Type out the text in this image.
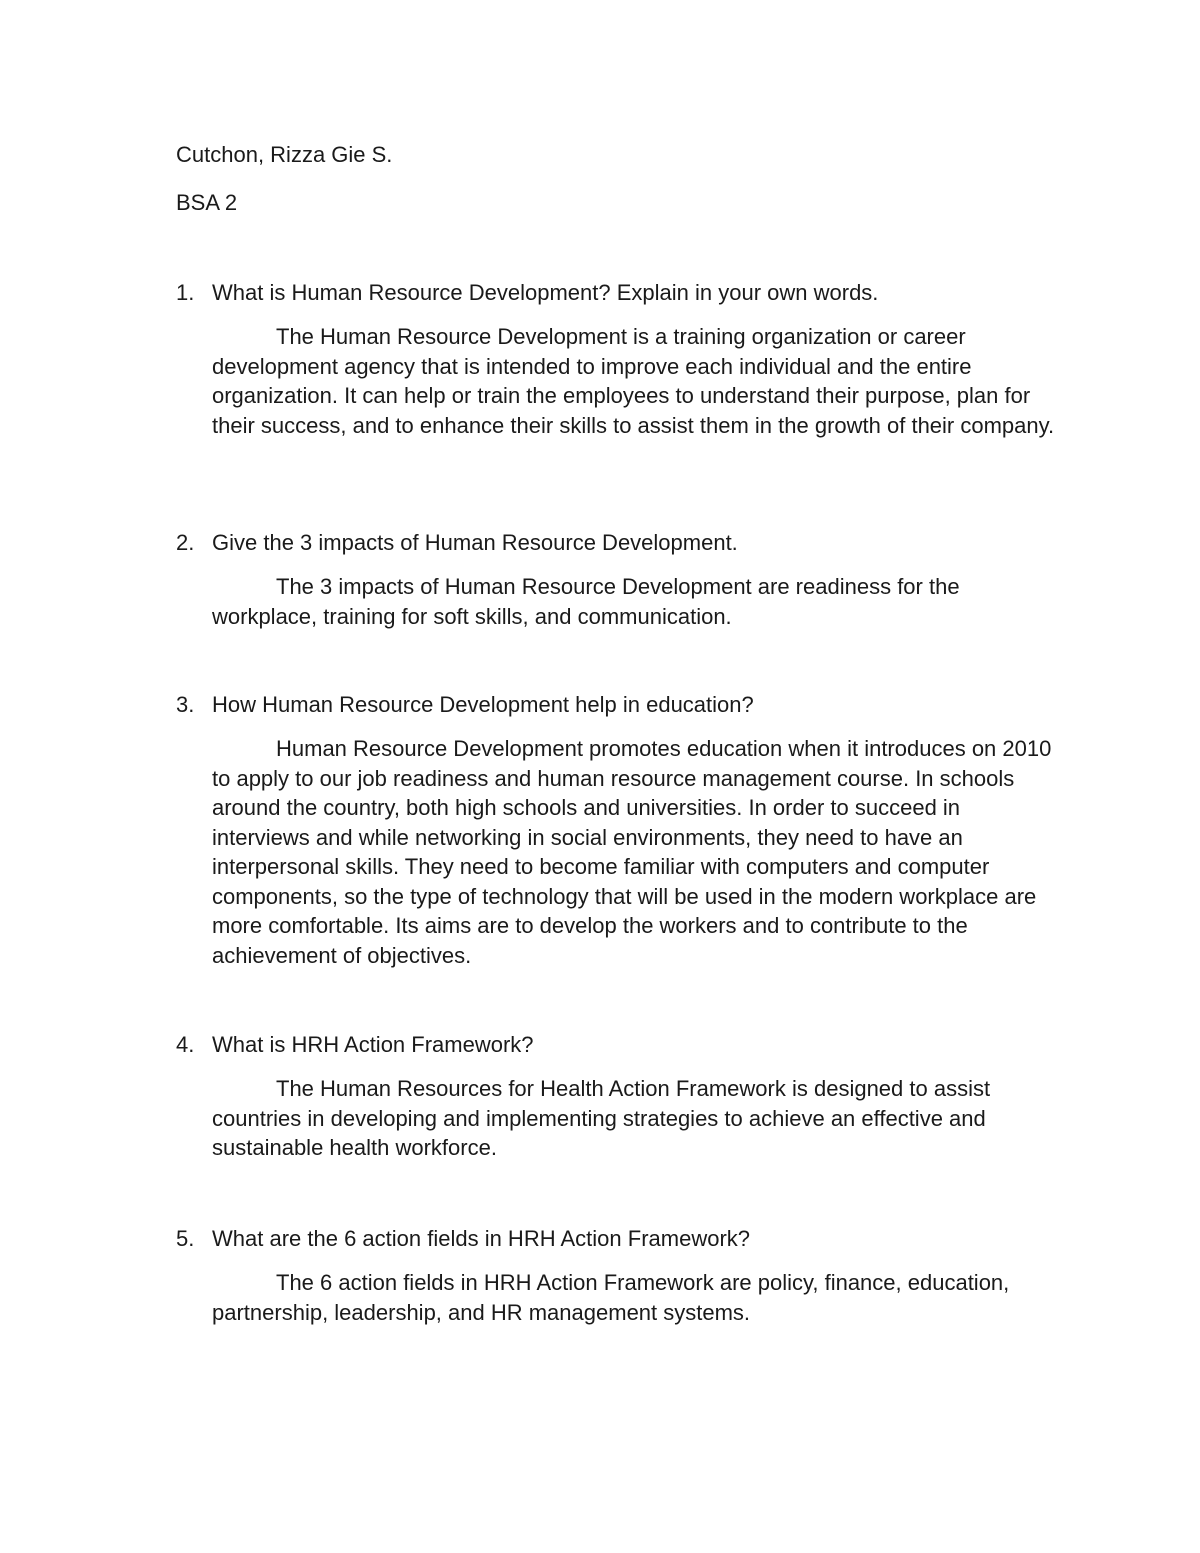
Cutchon, Rizza Gie S.
BSA 2
1. What is Human Resource Development? Explain in your own words.
The Human Resource Development is a training organization or career development agency that is intended to improve each individual and the entire organization. It can help or train the employees to understand their purpose, plan for their success, and to enhance their skills to assist them in the growth of their company.
2. Give the 3 impacts of Human Resource Development.
The 3 impacts of Human Resource Development are readiness for the workplace, training for soft skills, and communication.
3. How Human Resource Development help in education?
Human Resource Development promotes education when it introduces on 2010 to apply to our job readiness and human resource management course. In schools around the country, both high schools and universities. In order to succeed in interviews and while networking in social environments, they need to have an interpersonal skills. They need to become familiar with computers and computer components, so the type of technology that will be used in the modern workplace are more comfortable. Its aims are to develop the workers and to contribute to the achievement of objectives.
4. What is HRH Action Framework?
The Human Resources for Health Action Framework is designed to assist countries in developing and implementing strategies to achieve an effective and sustainable health workforce.
5. What are the 6 action fields in HRH Action Framework?
The 6 action fields in HRH Action Framework are policy, finance, education, partnership, leadership, and HR management systems.
